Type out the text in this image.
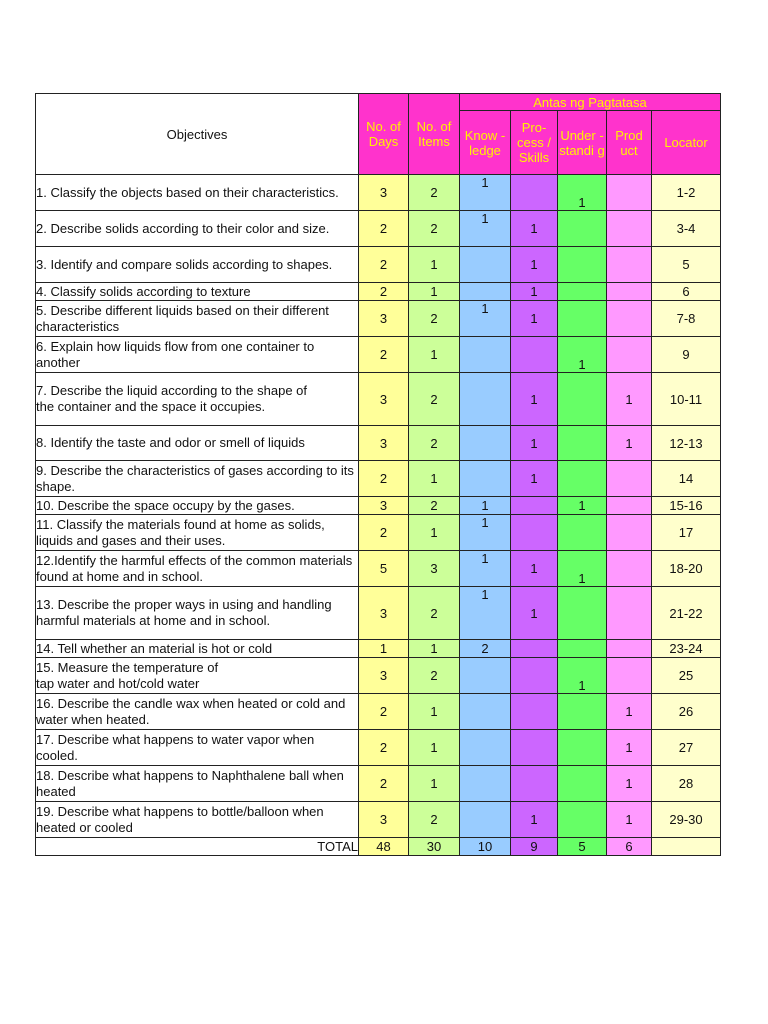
Objectives	No. of Days	No. of Items	Antas ng Pagtatasa				
			Know - ledge	Pro- cess / Skills	Under - standi g	Prod uct	Locator
1. Classify the objects based on their characteristics.	3	2	1		1		1-2
2. Describe solids according to their color and size.	2	2	1	1			3-4
3. Identify and compare solids according to shapes.	2	1		1			5
4. Classify solids according to texture	2	1		1			6
5. Describe different liquids based on their different characteristics	3	2	1	1			7-8
6. Explain how liquids flow from one container to another	2	1			1		9
7. Describe the liquid according to the shape of
the container and the space it occupies.	3	2		1		1	10-11
8. Identify the taste and odor or smell of liquids	3	2		1		1	12-13
9. Describe the characteristics of gases according to its shape.	2	1		1			14
10. Describe the space occupy by the gases.	3	2	1		1		15-16
11. Classify the materials found at home as solids, liquids and gases and their uses.	2	1	1				17
12.Identify the harmful effects of the common materials found at home and in school.	5	3	1	1	1		18-20
13. Describe the proper ways in using and handling harmful materials at home and in school.	3	2	1	1			21-22
14. Tell whether an material is hot or cold	1	1	2				23-24
15. Measure the temperature of
tap water and hot/cold water	3	2			1		25
16. Describe the candle wax when heated or cold and water when heated.	2	1				1	26
17. Describe what happens to water vapor when cooled.	2	1				1	27
18. Describe what happens to Naphthalene ball when heated	2	1				1	28
19. Describe what happens to bottle/balloon when heated or cooled	3	2		1		1	29-30
TOTAL	48	30	10	9	5	6	
